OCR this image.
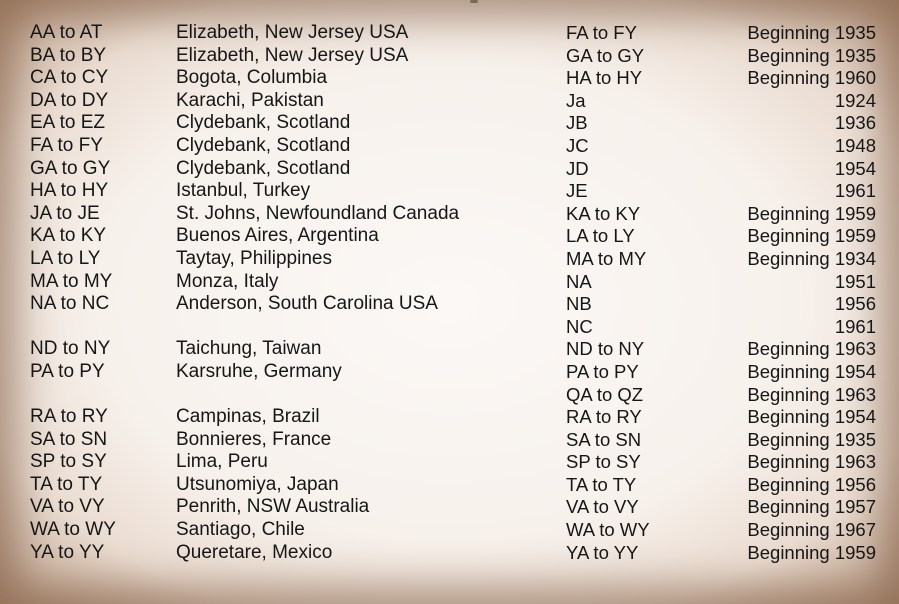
AA to AT	Elizabeth, New Jersey USA
BA to BY	Elizabeth, New Jersey USA
CA to CY	Bogota, Columbia
DA to DY	Karachi, Pakistan
EA to EZ	Clydebank, Scotland
FA to FY	Clydebank, Scotland
GA to GY	Clydebank, Scotland
HA to HY	Istanbul, Turkey
JA to JE	St. Johns, Newfoundland Canada
KA to KY	Buenos Aires, Argentina
LA to LY	Taytay, Philippines
MA to MY	Monza, Italy
NA to NC	Anderson, South Carolina USA
ND to NY	Taichung, Taiwan
PA to PY	Karsruhe, Germany
RA to RY	Campinas, Brazil
SA to SN	Bonnieres, France
SP to SY	Lima, Peru
TA to TY	Utsunomiya, Japan
VA to VY	Penrith, NSW Australia
WA to WY	Santiago, Chile
YA to YY	Queretare, Mexico
FA to FY	Beginning 1935
GA to GY	Beginning 1935
HA to HY	Beginning 1960
Ja	1924
JB	1936
JC	1948
JD	1954
JE	1961
KA to KY	Beginning 1959
LA to LY	Beginning 1959
MA to MY	Beginning 1934
NA	1951
NB	1956
NC	1961
ND to NY	Beginning 1963
PA to PY	Beginning 1954
QA to QZ	Beginning 1963
RA to RY	Beginning 1954
SA to SN	Beginning 1935
SP to SY	Beginning 1963
TA to TY	Beginning 1956
VA to VY	Beginning 1957
WA to WY	Beginning 1967
YA to YY	Beginning 1959
